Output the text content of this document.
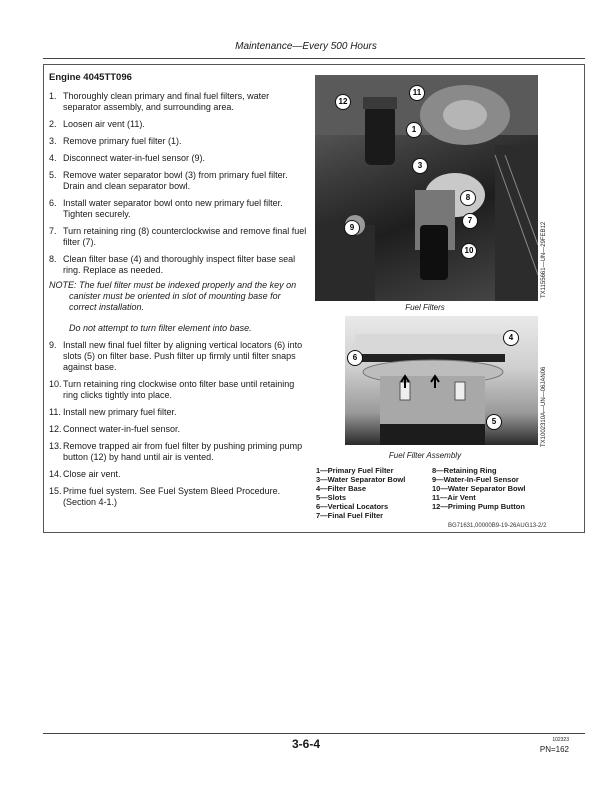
Maintenance—Every 500 Hours
Engine 4045TT096
1. Thoroughly clean primary and final fuel filters, water separator assembly, and surrounding area.
2. Loosen air vent (11).
3. Remove primary fuel filter (1).
4. Disconnect water-in-fuel sensor (9).
5. Remove water separator bowl (3) from primary fuel filter. Drain and clean separator bowl.
6. Install water separator bowl onto new primary fuel filter. Tighten securely.
7. Turn retaining ring (8) counterclockwise and remove final fuel filter (7).
8. Clean filter base (4) and thoroughly inspect filter base seal ring. Replace as needed.
NOTE: The fuel filter must be indexed properly and the key on canister must be oriented in slot of mounting base for correct installation.
Do not attempt to turn filter element into base.
9. Install new final fuel filter by aligning vertical locators (6) into slots (5) on filter base. Push filter up firmly until filter snaps against base.
10. Turn retaining ring clockwise onto filter base until retaining ring clicks tightly into place.
11. Install new primary fuel filter.
12. Connect water-in-fuel sensor.
13. Remove trapped air from fuel filter by pushing priming pump button (12) by hand until air is vented.
14. Close air vent.
15. Prime fuel system. See Fuel System Bleed Procedure. (Section 4-1.)
12
11
1
3
8
9
7
10	TX1155661—UN—29FEB12
Fuel Filters
4
6
5	TX1002310A—UN—06JAN06
Fuel Filter Assembly
1—Primary Fuel Filter
3—Water Separator Bowl
4—Filter Base
5—Slots
6—Vertical Locators
7—Final Fuel Filter
8—Retaining Ring
9—Water-In-Fuel Sensor
10—Water Separator Bowl
11—Air Vent
12—Priming Pump Button
BG71631,00000B9-19-26AUG13-2/2
3-6-4	102323
PN=162
